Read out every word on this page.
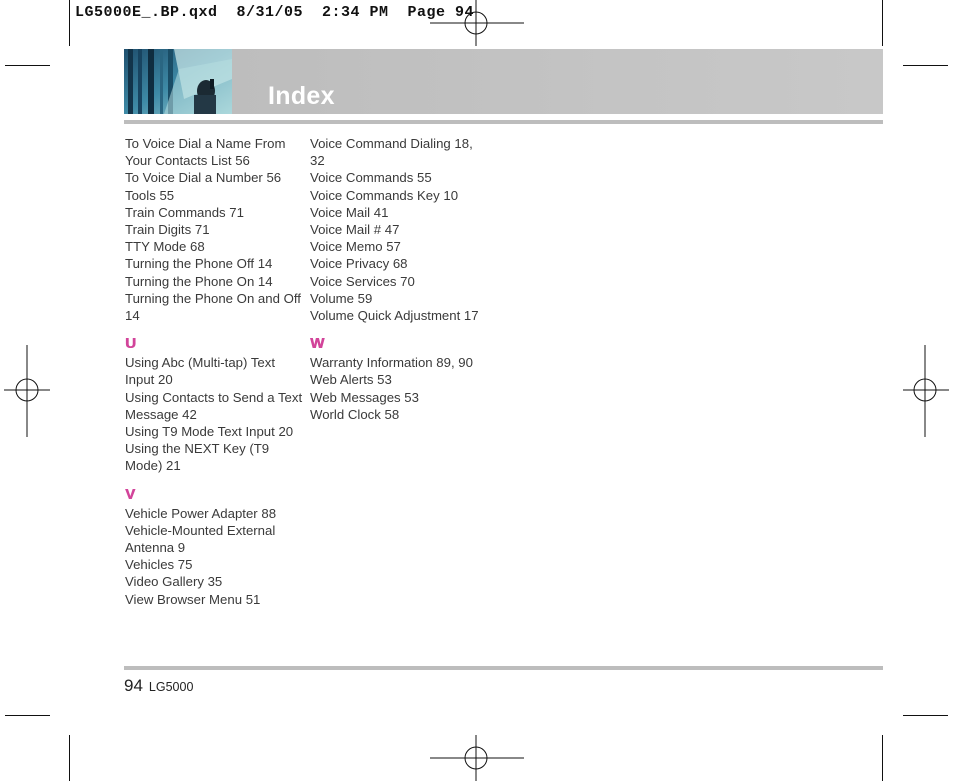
LG5000E_.BP.qxd  8/31/05  2:34 PM  Page 94
Index

To Voice Dial a Name From Your Contacts List 56

To Voice Dial a Number 56

Tools 55

Train Commands 71

Train Digits 71

TTY Mode 68

Turning the Phone Off 14

Turning the Phone On 14

Turning the Phone On and Off 14

U

Using Abc (Multi-tap) Text Input 20

Using Contacts to Send a Text Message 42

Using T9 Mode Text Input 20

Using the NEXT Key (T9 Mode) 21

V

Vehicle Power Adapter 88

Vehicle-Mounted External Antenna 9

Vehicles 75

Video Gallery 35

View Browser Menu 51

Voice Command Dialing 18, 32

Voice Commands 55

Voice Commands Key 10

Voice Mail 41

Voice Mail # 47

Voice Memo 57

Voice Privacy 68

Voice Services 70

Volume 59

Volume Quick Adjustment 17

W

Warranty Information 89, 90

Web Alerts 53

Web Messages 53

World Clock 58

94 LG5000
